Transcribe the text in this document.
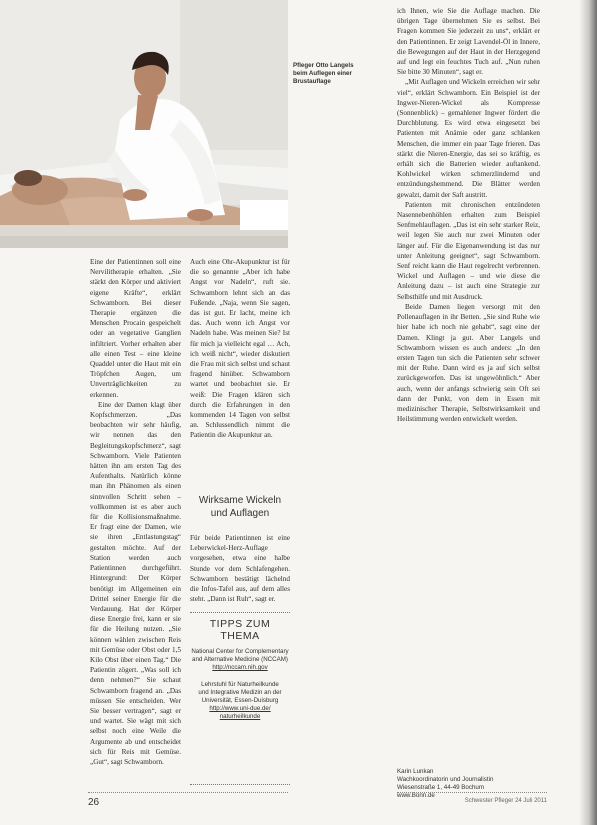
Pfleger Otto Langels
beim Auflegen einer
Brustauflage

Eine der Patientinnen soll eine Nervilitherapie erhalten. „Sie stärkt den Körper und aktiviert eigene Kräfte“, erklärt Schwamborn. Bei dieser Therapie ergänzen die Menschen Procain gespeichelt oder an vegetative Ganglien infiltriert. Vorher erhalten aber alle einen Test – eine kleine Quaddel unter die Haut mit ein Tröpfchen Augen, um Unverträglichkeiten zu erkennen.

Eine der Damen klagt über Kopfschmerzen. „Das beobachten wir sehr häufig, wir nennen das den Begleitungskopfschmerz“, sagt Schwamborn. Viele Patienten hätten ihn am ersten Tag des Aufenthalts. Natürlich könne man ihn Phänomen als einen sinnvollen Schritt sehen – vollkommen ist es aber auch für die Kollisionsmaßnahme. Er fragt eine der Damen, wie sie ihren „Entlastungstag“ gestalten möchte. Auf der Station werden auch Patientinnen durchgeführt. Hintergrund: Der Körper benötigt im Allgemeinen ein Drittel seiner Energie für die Verdauung. Hat der Körper diese Energie frei, kann er sie für die Heilung nutzen. „Sie können wählen zwischen Reis mit Gemüse oder Obst oder 1,5 Kilo Obst über einen Tag.“ Die Patientin zögert. „Was soll ich denn nehmen?“ Sie schaut Schwamborn fragend an. „Das müssen Sie entscheiden. Wer Sie besser vertragen“, sagt er und wartet. Sie wägt mit sich selbst noch eine Weile die Argumente ab und entscheidet sich für Reis mit Gemüse. „Gut“, sagt Schwamborn.

Auch eine Ohr-Akupunktur ist für die so genannte „Aber ich habe Angst vor Nadeln“, ruft sie. Schwamborn lehnt sich an das Fußende. „Naja, wenn Sie sagen, das ist gut. Er lacht, meine ich das. Auch wenn ich Angst vor Nadeln habe. Was meinen Sie? Ist für mich ja vielleicht egal … Ach, ich weiß nicht“, wieder diskutiert die Frau mit sich selbst und schaut fragend hinüber. Schwamborn wartet und beobachtet sie. Er weiß: Die Fragen klären sich durch die Erfahrungen in den kommenden 14 Tagen von selbst an. Schlussendlich nimmt die Patientin die Akupunktur an.

Wirksame Wickeln
und Auflagen

Für beide Patientinnen ist eine Leberwickel-Herz-Auflage vorgesehen, etwa eine halbe Stunde vor dem Schlafengehen. Schwamborn bestätigt lächelnd die Infos-Tafel aus, auf dem alles steht. „Dann ist Ruh“, sagt er.

TIPPS ZUM THEMA
National Center for Complementary
and Alternative Medicine (NCCAM)
http://nccam.nih.gov
Lehrstuhl für Naturheilkunde
und Integrative Medizin an der
Universität, Essen-Duisburg
http://www.uni-due.de/
naturheilkunde

ich Ihnen, wie Sie die Auflage machen. Die übrigen Tage übernehmen Sie es selbst. Bei Fragen kommen Sie jederzeit zu uns“, erklärt er den Patientinnen. Er zeigt Lavendel-Öl in Innere, die Bewegungen auf der Haut in der Herzgegend auf und legt ein feuchtes Tuch auf. „Nun ruhen Sie bitte 30 Minuten“, sagt er.

„Mit Auflagen und Wickeln erreichen wir sehr viel“, erklärt Schwamborn. Ein Beispiel ist der Ingwer-Nieren-Wickel als Kompresse (Sonnenblick) – gemahlener Ingwer fördert die Durchblutung. Es wird etwa eingesetzt bei Patienten mit Anämie oder ganz schlanken Menschen, die immer ein paar Tage frieren. Das stärkt die Nieren-Energie, das sei so kräftig, es erhält sich die Batterien wieder auftankend. Kohlwickel wirken schmerzlindernd und entzündungshemmend. Die Blätter werden gewalzt, damit der Saft austritt.

Patienten mit chronischen entzündeten Nasennebenhöhlen erhalten zum Beispiel Senfmehlauflagen. „Das ist ein sehr starker Reiz, weil legen Sie auch nur zwei Minuten oder länger auf. Für die Eigenanwendung ist das nur unter Anleitung geeignet“, sagt Schwamborn. Senf reicht kann die Haut regelrecht verbrennen. Wickel und Auflagen – und wie diese die Anleitung dazu – ist auch eine Strategie zur Selbsthilfe und mit Ausdruck.

Beide Damen liegen versorgt mit den Pollenauflagen in ihr Betten. „Sie sind Ruhe wie hier habe ich noch nie gehabt“, sagt eine der Damen. Klingt ja gut. Aber Langels und Schwamborn wissen es auch anders: „In den ersten Tagen tun sich die Patienten sehr schwer mit der Ruhe. Dann wird es ja auf sich selbst zurückgeworfen. Das ist ungewöhnlich.“ Aber auch, wenn der anfangs schwierig sein Oft sei dann der Punkt, von dem in Essen mit medizinischer Therapie, Selbstwirksamkeit und Heilstimmung werden entwickelt werden.

Karin Lunkan
Wachkoordinatorin und Journalistin
Wiesenstraße 1, 44-49 Bochum
www.Bonn.de
26	Schwester Pfleger 24 Juli 2011
